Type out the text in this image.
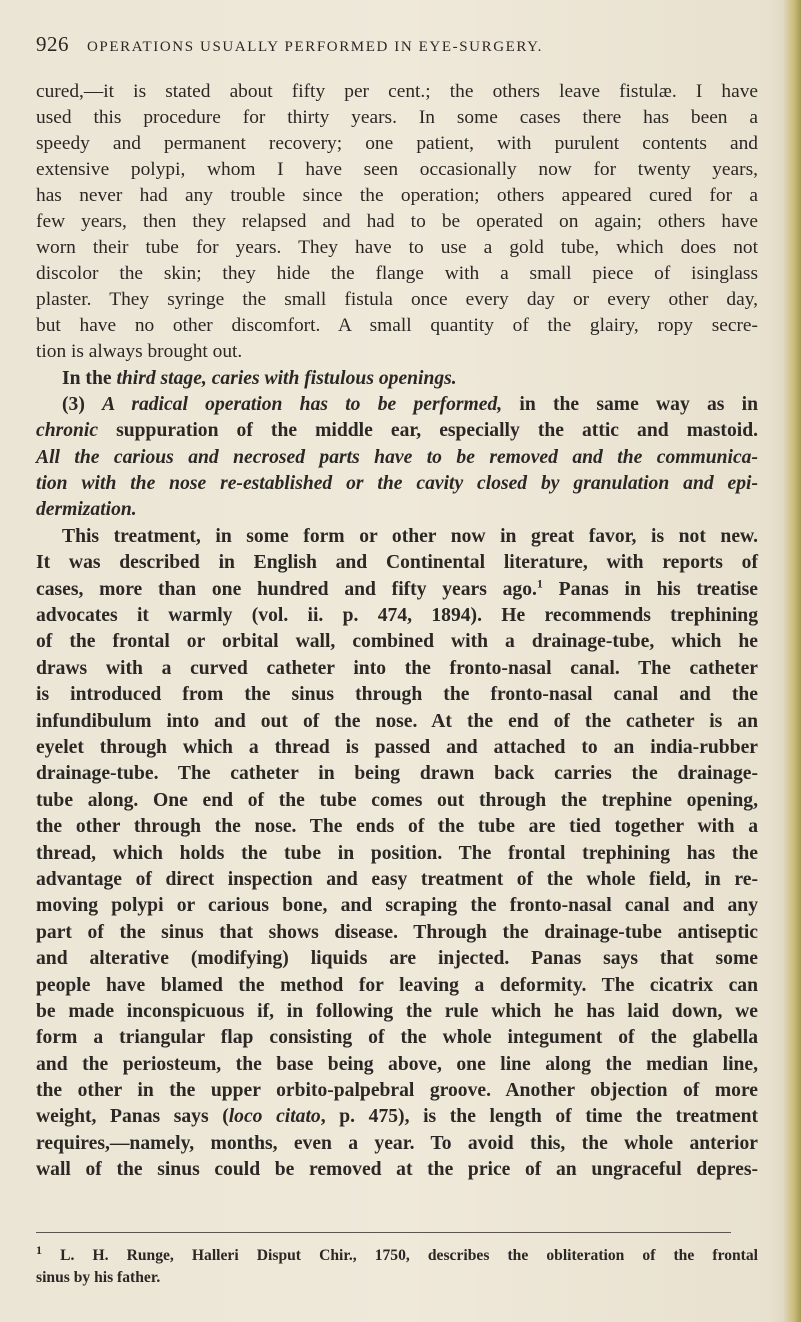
926 OPERATIONS USUALLY PERFORMED IN EYE-SURGERY.
cured,—it is stated about fifty per cent.; the others leave fistulæ. I have
used this procedure for thirty years. In some cases there has been a
speedy and permanent recovery; one patient, with purulent contents and
extensive polypi, whom I have seen occasionally now for twenty years,
has never had any trouble since the operation; others appeared cured for a
few years, then they relapsed and had to be operated on again; others have
worn their tube for years. They have to use a gold tube, which does not
discolor the skin; they hide the flange with a small piece of isinglass
plaster. They syringe the small fistula once every day or every other day,
but have no other discomfort. A small quantity of the glairy, ropy secre-
tion is always brought out.
In the third stage, caries with fistulous openings.
(3) A radical operation has to be performed, in the same way as in
chronic suppuration of the middle ear, especially the attic and mastoid.
All the carious and necrosed parts have to be removed and the communica-
tion with the nose re-established or the cavity closed by granulation and epi-
dermization.
This treatment, in some form or other now in great favor, is not new.
It was described in English and Continental literature, with reports of
cases, more than one hundred and fifty years ago.$^1$ Panas in his treatise
advocates it warmly (vol. ii. p. 474, 1894). He recommends trephining
of the frontal or orbital wall, combined with a drainage-tube, which he
draws with a curved catheter into the fronto-nasal canal. The catheter
is introduced from the sinus through the fronto-nasal canal and the
infundibulum into and out of the nose. At the end of the catheter is an
eyelet through which a thread is passed and attached to an india-rubber
drainage-tube. The catheter in being drawn back carries the drainage-
tube along. One end of the tube comes out through the trephine opening,
the other through the nose. The ends of the tube are tied together with a
thread, which holds the tube in position. The frontal trephining has the
advantage of direct inspection and easy treatment of the whole field, in re-
moving polypi or carious bone, and scraping the fronto-nasal canal and any
part of the sinus that shows disease. Through the drainage-tube antiseptic
and alterative (modifying) liquids are injected. Panas says that some
people have blamed the method for leaving a deformity. The cicatrix can
be made inconspicuous if, in following the rule which he has laid down, we
form a triangular flap consisting of the whole integument of the glabella
and the periosteum, the base being above, one line along the median line,
the other in the upper orbito-palpebral groove. Another objection of more
weight, Panas says (loco citato, p. 475), is the length of time the treatment
requires,—namely, months, even a year. To avoid this, the whole anterior
wall of the sinus could be removed at the price of an ungraceful depres-
$^1$ L. H. Runge, Halleri Disput Chir., 1750, describes the obliteration of the frontal
sinus by his father.
